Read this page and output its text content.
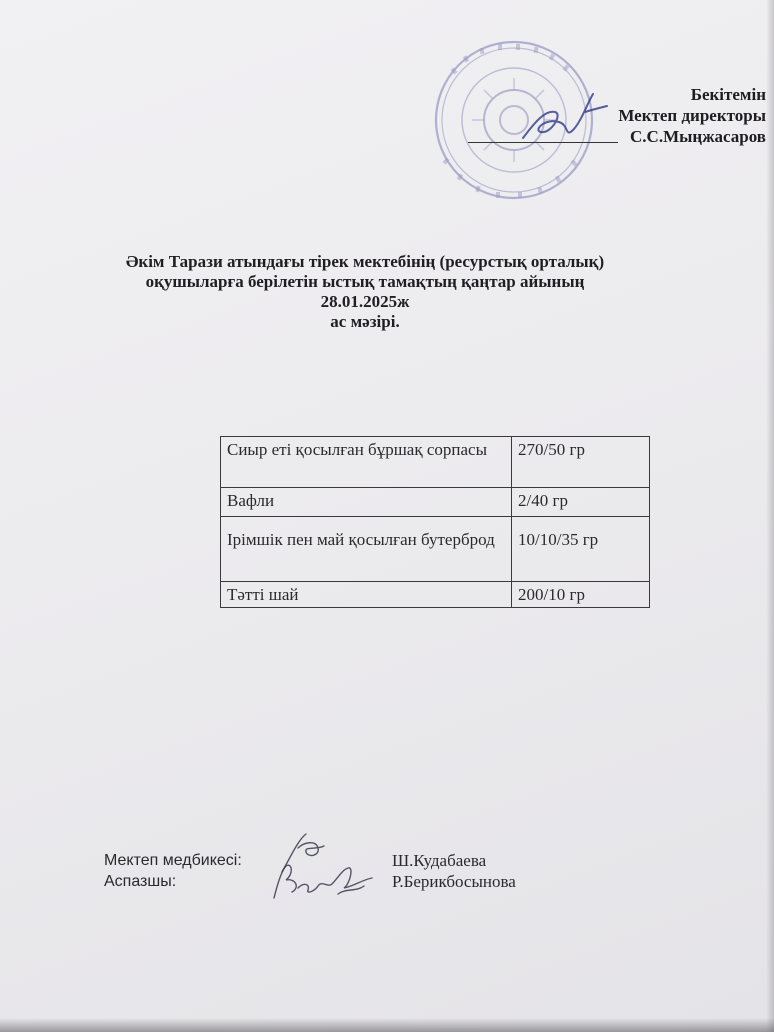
Бекітемін
Мектеп директоры
С.С.Мыңжасаров
Әкім Тарази атындағы тірек мектебінің (ресурстық орталық)
оқушыларға берілетін ыстық тамақтың қаңтар айының
28.01.2025ж
ас мәзірі.
Сиыр еті қосылған бұршақ сорпасы	270/50 гр
Вафли	2/40 гр
Ірімшік пен май қосылған бутерброд	10/10/35 гр
Тәтті шай	200/10 гр
Мектеп медбикесі:	Ш.Кудабаева
Аспазшы:	Р.Берикбосынова
